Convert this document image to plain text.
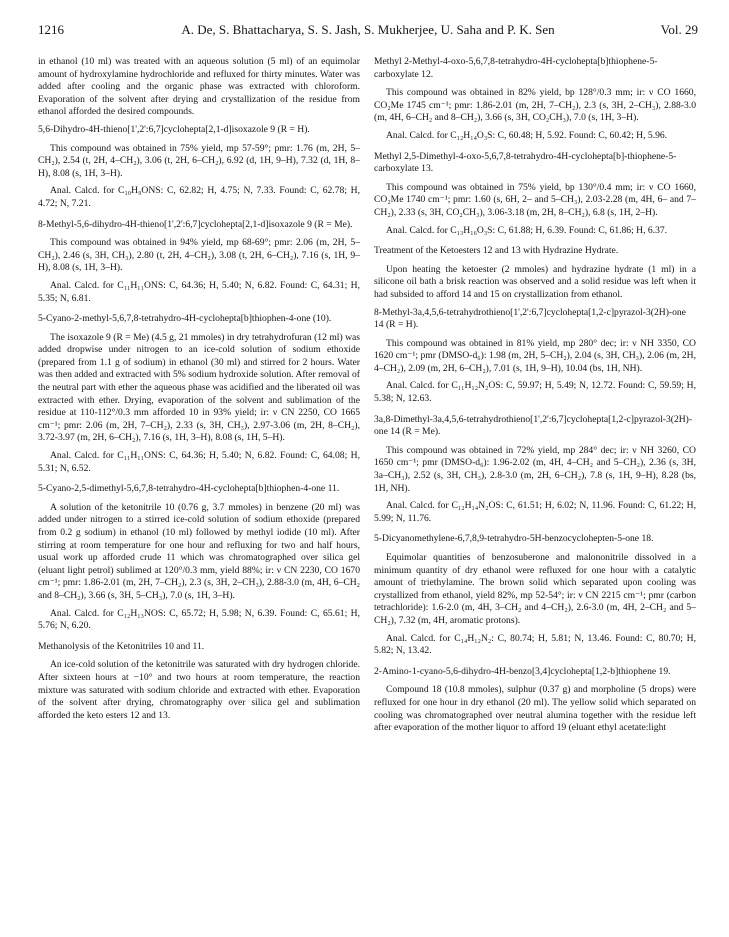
1216	A. De, S. Bhattacharya, S. S. Jash, S. Mukherjee, U. Saha and P. K. Sen	Vol. 29

in ethanol (10 ml) was treated with an aqueous solution (5 ml) of an equimolar amount of hydroxylamine hydrochloride and refluxed for thirty minutes. Water was added after cooling and the organic phase was extracted with chloroform. Evaporation of the solvent after drying and crystallization of the residue from ethanol afforded the desired compounds.

5,6-Dihydro-4H-thieno[1',2':6,7]cyclohepta[2,1-d]isoxazole 9 (R = H).

This compound was obtained in 75% yield, mp 57-59°; pmr: 1.76 (m, 2H, 5–CH₂), 2.54 (t, 2H, 4–CH₂), 3.06 (t, 2H, 6–CH₂), 6.92 (d, 1H, 9–H), 7.32 (d, 1H, 8–H), 8.08 (s, 1H, 3–H).

Anal. Calcd. for C₁₀H₉ONS: C, 62.82; H, 4.75; N, 7.33. Found: C, 62.78; H, 4.72; N, 7.21.

8-Methyl-5,6-dihydro-4H-thieno[1',2':6,7]cyclohepta[2,1-d]isoxazole 9 (R = Me).

This compound was obtained in 94% yield, mp 68-69°; pmr: 2.06 (m, 2H, 5–CH₂), 2.46 (s, 3H, CH₃), 2.80 (t, 2H, 4–CH₂), 3.08 (t, 2H, 6–CH₂), 7.16 (s, 1H, 9–H), 8.08 (s, 1H, 3–H).

Anal. Calcd. for C₁₁H₁₁ONS: C, 64.36; H, 5.40; N, 6.82. Found: C, 64.31; H, 5.35; N, 6.81.

5-Cyano-2-methyl-5,6,7,8-tetrahydro-4H-cyclohepta[b]thiophen-4-one (10).

The isoxazole 9 (R = Me) (4.5 g, 21 mmoles) in dry tetrahydrofuran (12 ml) was added dropwise under nitrogen to an ice-cold solution of sodium ethoxide (prepared from 1.1 g of sodium) in ethanol (30 ml) and stirred for 2 hours. Water was then added and extracted with 5% sodium hydroxide solution. After removal of the neutral part with ether the aqueous phase was acidified and the liberated oil was extracted with ether. Drying, evaporation of the solvent and sublimation of the residue at 110-112°/0.3 mm afforded 10 in 93% yield; ir: ν CN 2250, CO 1665 cm⁻¹; pmr: 2.06 (m, 2H, 7–CH₂), 2.33 (s, 3H, CH₃), 2.97-3.06 (m, 2H, 8–CH₂), 3.72-3.97 (m, 2H, 6–CH₂), 7.16 (s, 1H, 3–H), 8.08 (s, 1H, 5–H).

Anal. Calcd. for C₁₁H₁₁ONS: C, 64.36; H, 5.40; N, 6.82. Found: C, 64.08; H, 5.31; N, 6.52.

5-Cyano-2,5-dimethyl-5,6,7,8-tetrahydro-4H-cyclohepta[b]thiophen-4-one 11.

A solution of the ketonitrile 10 (0.76 g, 3.7 mmoles) in benzene (20 ml) was added under nitrogen to a stirred ice-cold solution of sodium ethoxide (prepared from 0.2 g sodium) in ethanol (10 ml) followed by methyl iodide (10 ml). After stirring at room temperature for one hour and refluxing for two and half hours, usual work up afforded crude 11 which was chromatographed over silica gel (eluant light petrol) sublimed at 120°/0.3 mm, yield 88%; ir: ν CN 2230, CO 1670 cm⁻¹; pmr: 1.86-2.01 (m, 2H, 7–CH₂), 2.3 (s, 3H, 2–CH₃), 2.88-3.0 (m, 4H, 6–CH₂ and 8–CH₂), 3.66 (s, 3H, 5–CH₃), 7.0 (s, 1H, 3–H).

Anal. Calcd. for C₁₂H₁₃NOS: C, 65.72; H, 5.98; N, 6.39. Found: C, 65.61; H, 5.76; N, 6.20.

Methanolysis of the Ketonitriles 10 and 11.

An ice-cold solution of the ketonitrile was saturated with dry hydrogen chloride. After sixteen hours at −10° and two hours at room temperature, the reaction mixture was saturated with sodium chloride and extracted with ether. Evaporation of the solvent after drying, chromatography over silica gel and sublimation afforded the keto esters 12 and 13.

Methyl 2-Methyl-4-oxo-5,6,7,8-tetrahydro-4H-cyclohepta[b]thiophene-5-carboxylate 12.

This compound was obtained in 82% yield, bp 128°/0.3 mm; ir: ν CO 1660, CO₂Me 1745 cm⁻¹; pmr: 1.86-2.01 (m, 2H, 7–CH₂), 2.3 (s, 3H, 2–CH₃), 2.88-3.0 (m, 4H, 6–CH₂ and 8–CH₂), 3.66 (s, 3H, CO₂CH₃), 7.0 (s, 1H, 3–H).

Anal. Calcd. for C₁₂H₁₄O₃S: C, 60.48; H, 5.92. Found: C, 60.42; H, 5.96.

Methyl 2,5-Dimethyl-4-oxo-5,6,7,8-tetrahydro-4H-cyclohepta[b]-thiophene-5-carboxylate 13.

This compound was obtained in 75% yield, bp 130°/0.4 mm; ir: ν CO 1660, CO₂Me 1740 cm⁻¹; pmr: 1.60 (s, 6H, 2– and 5–CH₃), 2.03-2.28 (m, 4H, 6– and 7–CH₂), 2.33 (s, 3H, CO₂CH₃), 3.06-3.18 (m, 2H, 8–CH₂), 6.8 (s, 1H, 2–H).

Anal. Calcd. for C₁₃H₁₆O₃S: C, 61.88; H, 6.39. Found: C, 61.86; H, 6.37.

Treatment of the Ketoesters 12 and 13 with Hydrazine Hydrate.

Upon heating the ketoester (2 mmoles) and hydrazine hydrate (1 ml) in a silicone oil bath a brisk reaction was observed and a solid residue was left when it had subsided to afford 14 and 15 on crystallization from ethanol.

8-Methyl-3a,4,5,6-tetrahydrothieno[1',2':6,7]cyclohepta[1,2-c]pyrazol-3(2H)-one 14 (R = H).

This compound was obtained in 81% yield, mp 280° dec; ir: ν NH 3350, CO 1620 cm⁻¹; pmr (DMSO-d₆): 1.98 (m, 2H, 5–CH₂), 2.04 (s, 3H, CH₃), 2.06 (m, 2H, 4–CH₂), 2.09 (m, 2H, 6–CH₂), 7.01 (s, 1H, 9–H), 10.04 (bs, 1H, NH).

Anal. Calcd. for C₁₁H₁₂N₂OS: C, 59.97; H, 5.49; N, 12.72. Found: C, 59.59; H, 5.38; N, 12.63.

3a,8-Dimethyl-3a,4,5,6-tetrahydrothieno[1',2':6,7]cyclohepta[1,2-c]pyrazol-3(2H)-one 14 (R = Me).

This compound was obtained in 72% yield, mp 284° dec; ir: ν NH 3260, CO 1650 cm⁻¹; pmr (DMSO-d₆): 1.96-2.02 (m, 4H, 4–CH₂ and 5–CH₂), 2.36 (s, 3H, 3a–CH₃), 2.52 (s, 3H, CH₃), 2.8-3.0 (m, 2H, 6–CH₂), 7.8 (s, 1H, 9–H), 8.28 (bs, 1H, NH).

Anal. Calcd. for C₁₂H₁₄N₂OS: C, 61.51; H, 6.02; N, 11.96. Found: C, 61.22; H, 5.99; N, 11.76.

5-Dicyanomethylene-6,7,8,9-tetrahydro-5H-benzocyclohepten-5-one 18.

Equimolar quantities of benzosuberone and malononitrile dissolved in a minimum quantity of dry ethanol were refluxed for one hour with a catalytic amount of triethylamine. The brown solid which separated upon cooling was crystallized from ethanol, yield 82%, mp 52-54°; ir: ν CN 2215 cm⁻¹; pmr (carbon tetrachloride): 1.6-2.0 (m, 4H, 3–CH₂ and 4–CH₂), 2.6-3.0 (m, 4H, 2–CH₂ and 5–CH₂), 7.32 (m, 4H, aromatic protons).

Anal. Calcd. for C₁₄H₁₂N₂: C, 80.74; H, 5.81; N, 13.46. Found: C, 80.70; H, 5.82; N, 13.42.

2-Amino-1-cyano-5,6-dihydro-4H-benzo[3,4]cyclohepta[1,2-b]thiophene 19.

Compound 18 (10.8 mmoles), sulphur (0.37 g) and morpholine (5 drops) were refluxed for one hour in dry ethanol (20 ml). The yellow solid which separated on cooling was chromatographed over neutral alumina together with the residue left after evaporation of the mother liquor to afford 19 (eluant ethyl acetate:light
